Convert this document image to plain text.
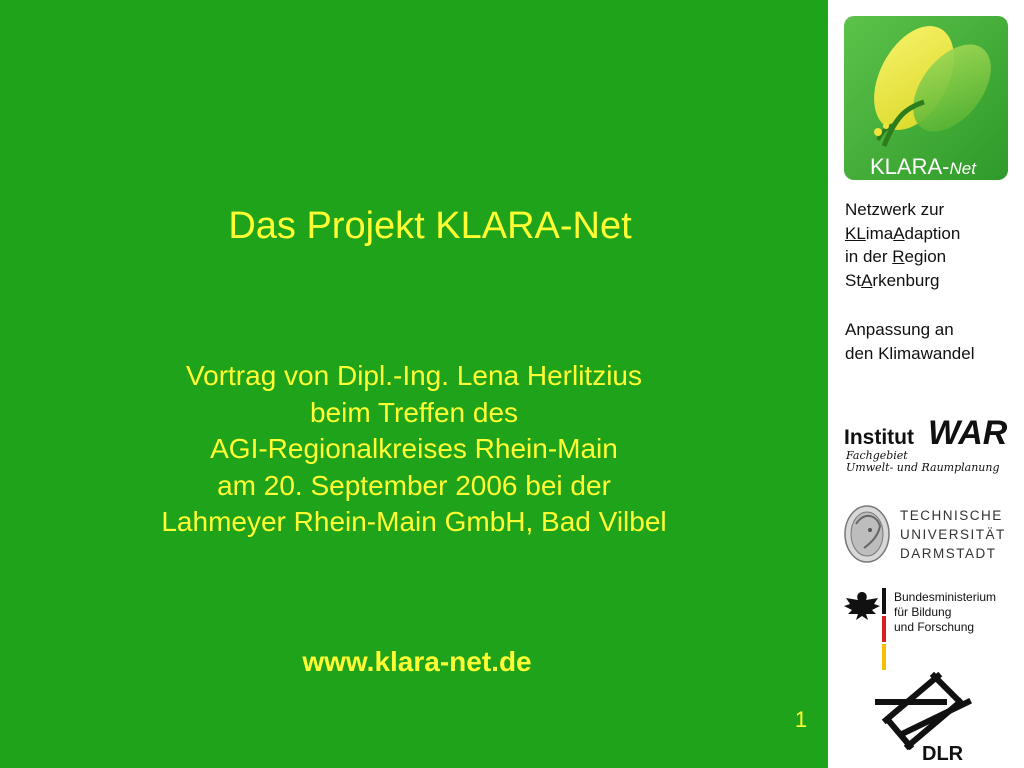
Das Projekt KLARA-Net
Vortrag von Dipl.-Ing. Lena Herlitzius
beim Treffen des
AGI-Regionalkreises Rhein-Main
am 20. September 2006 bei der
Lahmeyer Rhein-Main GmbH, Bad Vilbel
www.klara-net.de
1
KLARA-Net
Netzwerk zur
KLimaAdaption
in der Region
StArkenburg
Anpassung an
den Klimawandel
Institut WAR
Fachgebiet
Umwelt- und Raumplanung
TECHNISCHE
UNIVERSITÄT
DARMSTADT
Bundesministerium
für Bildung
und Forschung
DLR
